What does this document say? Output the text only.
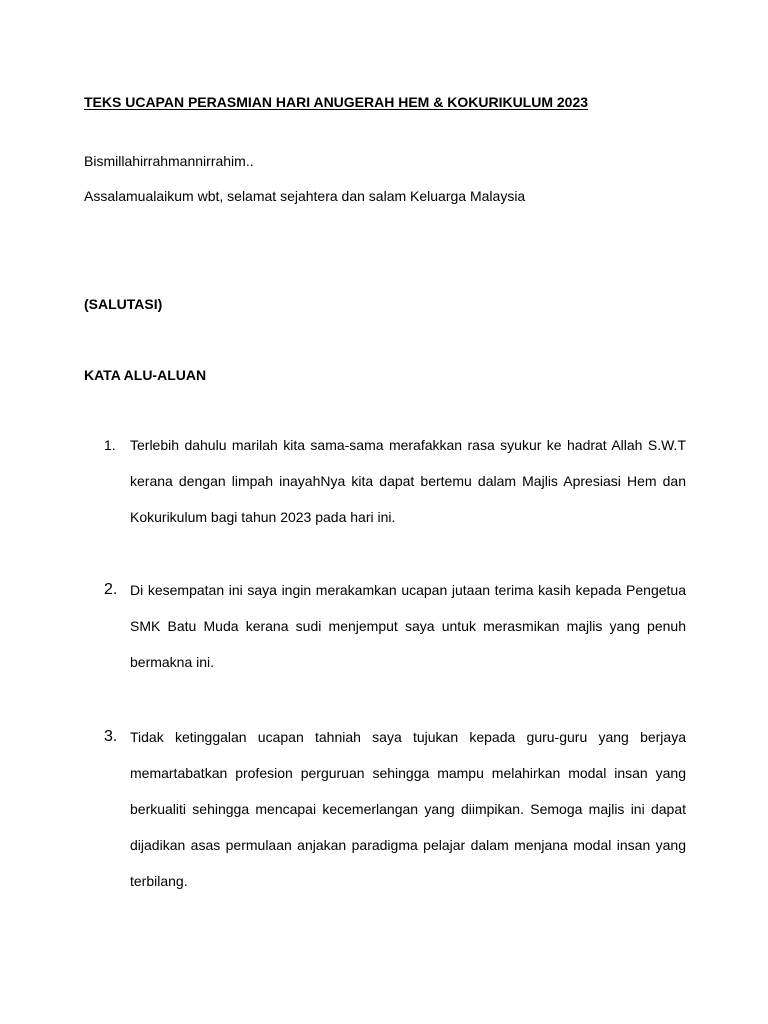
TEKS UCAPAN PERASMIAN HARI ANUGERAH HEM & KOKURIKULUM 2023
Bismillahirrahmannirrahim..
Assalamualaikum wbt, selamat sejahtera dan salam Keluarga Malaysia
(SALUTASI)
KATA ALU-ALUAN
1.	Terlebih dahulu marilah kita sama-sama merafakkan rasa syukur ke hadrat Allah S.W.T kerana dengan limpah inayahNya kita dapat bertemu dalam Majlis Apresiasi Hem dan Kokurikulum bagi tahun 2023 pada hari ini.
2. Di kesempatan ini saya ingin merakamkan ucapan jutaan terima kasih kepada Pengetua SMK Batu Muda kerana sudi menjemput saya untuk merasmikan majlis yang penuh bermakna ini.
3. Tidak ketinggalan ucapan tahniah saya tujukan kepada guru-guru yang berjaya memartabatkan profesion perguruan sehingga mampu melahirkan modal insan yang berkualiti sehingga mencapai kecemerlangan yang diimpikan. Semoga majlis ini dapat dijadikan asas permulaan anjakan paradigma pelajar dalam menjana modal insan yang terbilang.
